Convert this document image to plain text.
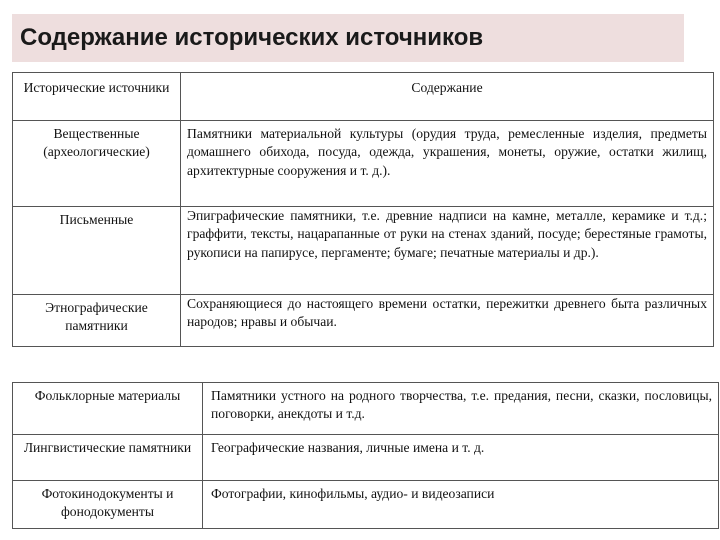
Содержание исторических источников
Исторические источники	Содержание
Вещественные (археологические)	Памятники материальной культуры (орудия труда, ремесленные изделия, предметы домашнего обихода, посуда, одежда, украшения, монеты, оружие, остатки жилищ, архитектурные сооружения и т. д.).
Письменные	Эпиграфические памятники, т.е. древние надписи на камне, металле, керамике и т.д.; граффити, тексты, нацарапанные от руки на стенах зданий, посуде; берестяные грамоты, рукописи на папирусе, пергаменте; бумаге; печатные материалы и др.).
Этнографические памятники	Сохраняющиеся до настоящего времени остатки, пережитки древнего быта различных народов; нравы и обычаи.
Фольклорные материалы	Памятники устного на родного творчества, т.е. предания, песни, сказки, пословицы, поговорки, анекдоты и т.д.
Лингвистические памятники	Географические названия, личные имена и т. д.
Фотокинодокументы и фонодокументы	Фотографии, кинофильмы, аудио- и видеозаписи
